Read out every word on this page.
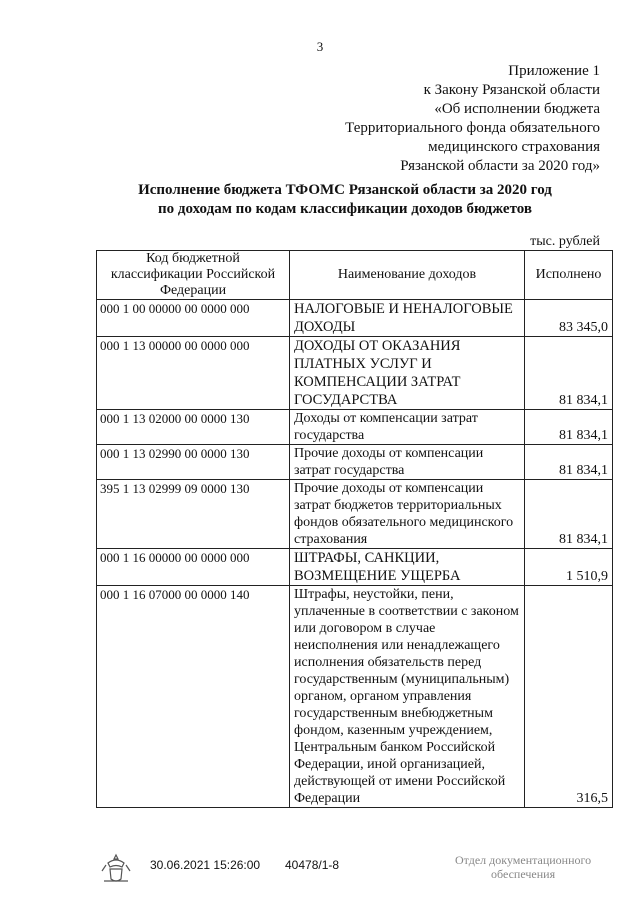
3
Приложение 1
к Закону Рязанской области
«Об исполнении бюджета
Территориального фонда обязательного
медицинского страхования
Рязанской области за 2020 год»
Исполнение бюджета ТФОМС Рязанской области за 2020 год
по доходам по кодам классификации доходов бюджетов
тыс. рублей
Код бюджетной классификации Российской Федерации	Наименование доходов	Исполнено
000 1 00 00000 00 0000 000	НАЛОГОВЫЕ И НЕНАЛОГОВЫЕ ДОХОДЫ	83 345,0
000 1 13 00000 00 0000 000	ДОХОДЫ ОТ ОКАЗАНИЯ ПЛАТНЫХ УСЛУГ И КОМПЕНСАЦИИ ЗАТРАТ ГОСУДАРСТВА	81 834,1
000 1 13 02000 00 0000 130	Доходы от компенсации затрат государства	81 834,1
000 1 13 02990 00 0000 130	Прочие доходы от компенсации затрат государства	81 834,1
395 1 13 02999 09 0000 130	Прочие доходы от компенсации затрат бюджетов территориальных фондов обязательного медицинского страхования	81 834,1
000 1 16 00000 00 0000 000	ШТРАФЫ, САНКЦИИ, ВОЗМЕЩЕНИЕ УЩЕРБА	1 510,9
000 1 16 07000 00 0000 140	Штрафы, неустойки, пени, уплаченные в соответствии с законом или договором в случае неисполнения или ненадлежащего исполнения обязательств перед государственным (муниципальным) органом, органом управления государственным внебюджетным фондом, казенным учреждением, Центральным банком Российской Федерации, иной организацией, действующей от имени Российской Федерации	316,5
30.06.2021 15:26:00 40478/1-8	Отдел документационного
обеспечения
